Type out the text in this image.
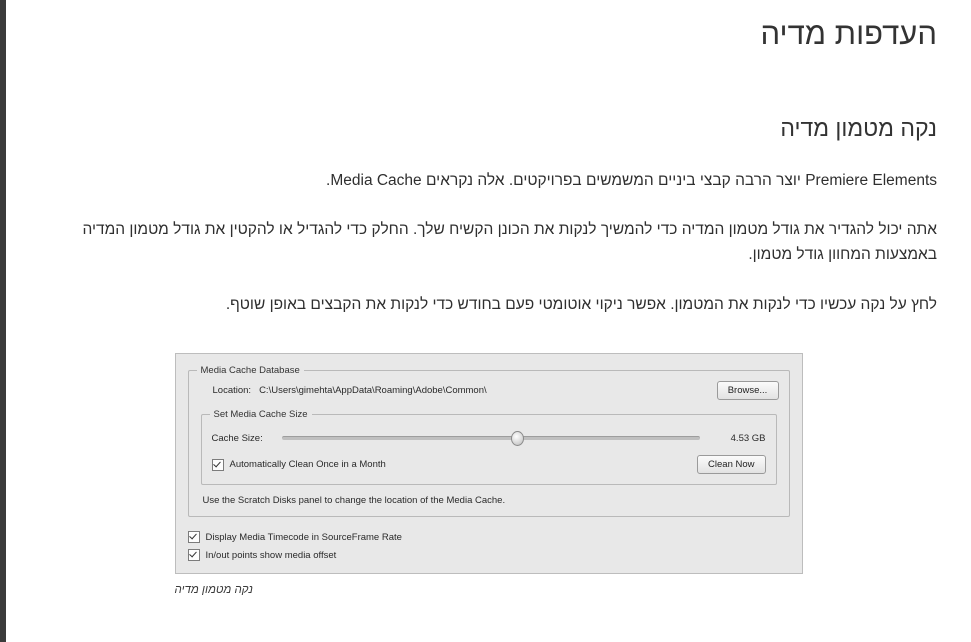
העדפות מדיה
נקה מטמון מדיה

Premiere Elements יוצר הרבה קבצי ביניים המשמשים בפרויקטים. אלה נקראים Media Cache.

אתה יכול להגדיר את גודל מטמון המדיה כדי להמשיך לנקות את הכונן הקשיח שלך. החלק כדי להגדיל או להקטין את גודל מטמון המדיה באמצעות המחוון גודל מטמון.

לחץ על נקה עכשיו כדי לנקות את המטמון. אפשר ניקוי אוטומטי פעם בחודש כדי לנקות את הקבצים באופן שוטף.

Media Cache Database
Location: C:\Users\gimehta\AppData\Roaming\Adobe\Common\	Browse...
Set Media Cache Size
Cache Size:	4.53 GB
Automatically Clean Once in a Month	Clean Now
Use the Scratch Disks panel to change the location of the Media Cache.
Display Media Timecode in SourceFrame Rate
In/out points show media offset
נקה מטמון מדיה
